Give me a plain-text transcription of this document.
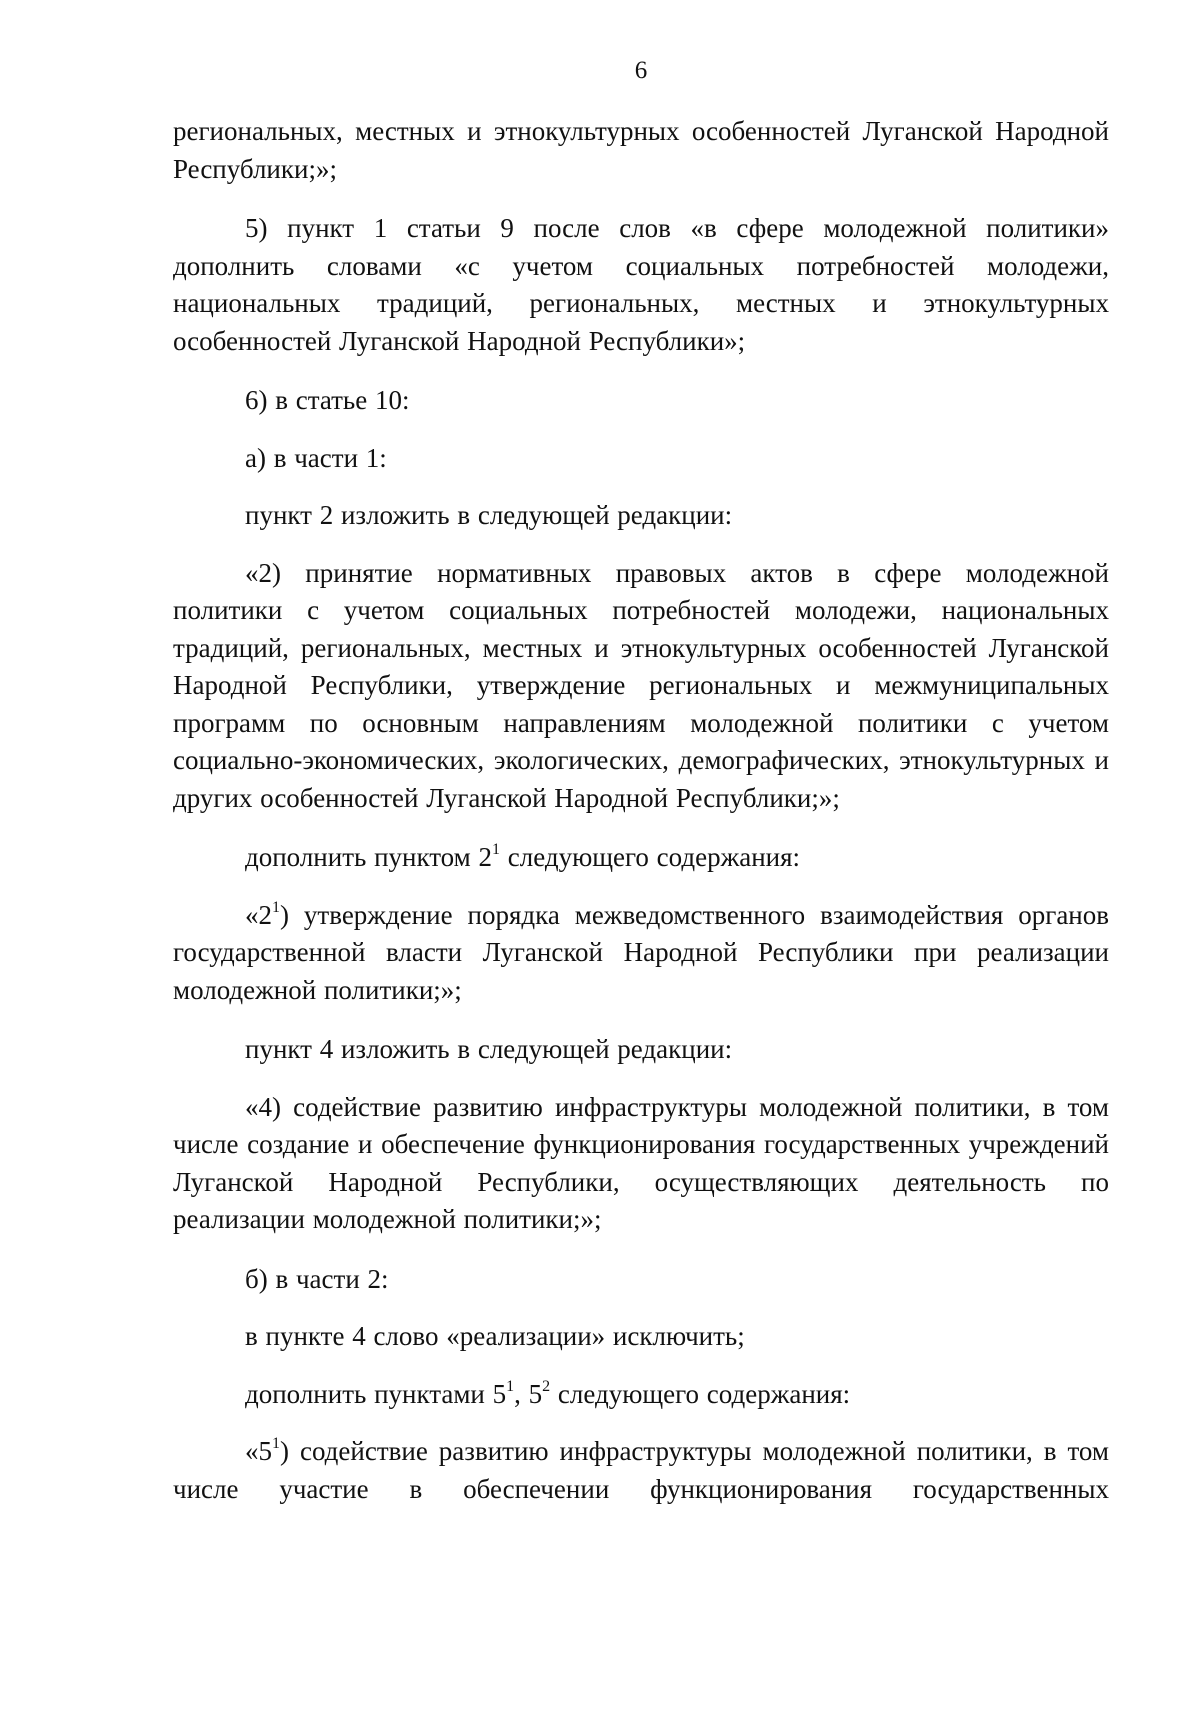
6

региональных, местных и этнокультурных особенностей Луганской Народной Республики;»;

5) пункт 1 статьи 9 после слов «в сфере молодежной политики» дополнить словами «с учетом социальных потребностей молодежи, национальных традиций, региональных, местных и этнокультурных особенностей Луганской Народной Республики»;

6) в статье 10:

а) в части 1:

пункт 2 изложить в следующей редакции:

«2) принятие нормативных правовых актов в сфере молодежной политики с учетом социальных потребностей молодежи, национальных традиций, региональных, местных и этнокультурных особенностей Луганской Народной Республики, утверждение региональных и межмуниципальных программ по основным направлениям молодежной политики с учетом социально-экономических, экологических, демографических, этнокультурных и других особенностей Луганской Народной Республики;»;

дополнить пунктом $2^1$ следующего содержания:

«$2^1$) утверждение порядка межведомственного взаимодействия органов государственной власти Луганской Народной Республики при реализации молодежной политики;»;

пункт 4 изложить в следующей редакции:

«4) содействие развитию инфраструктуры молодежной политики, в том числе создание и обеспечение функционирования государственных учреждений Луганской Народной Республики, осуществляющих деятельность по реализации молодежной политики;»;

б) в части 2:

в пункте 4 слово «реализации» исключить;

дополнить пунктами $5^1$, $5^2$ следующего содержания:

«$5^1$) содействие развитию инфраструктуры молодежной политики, в том числе участие в обеспечении функционирования государственных
